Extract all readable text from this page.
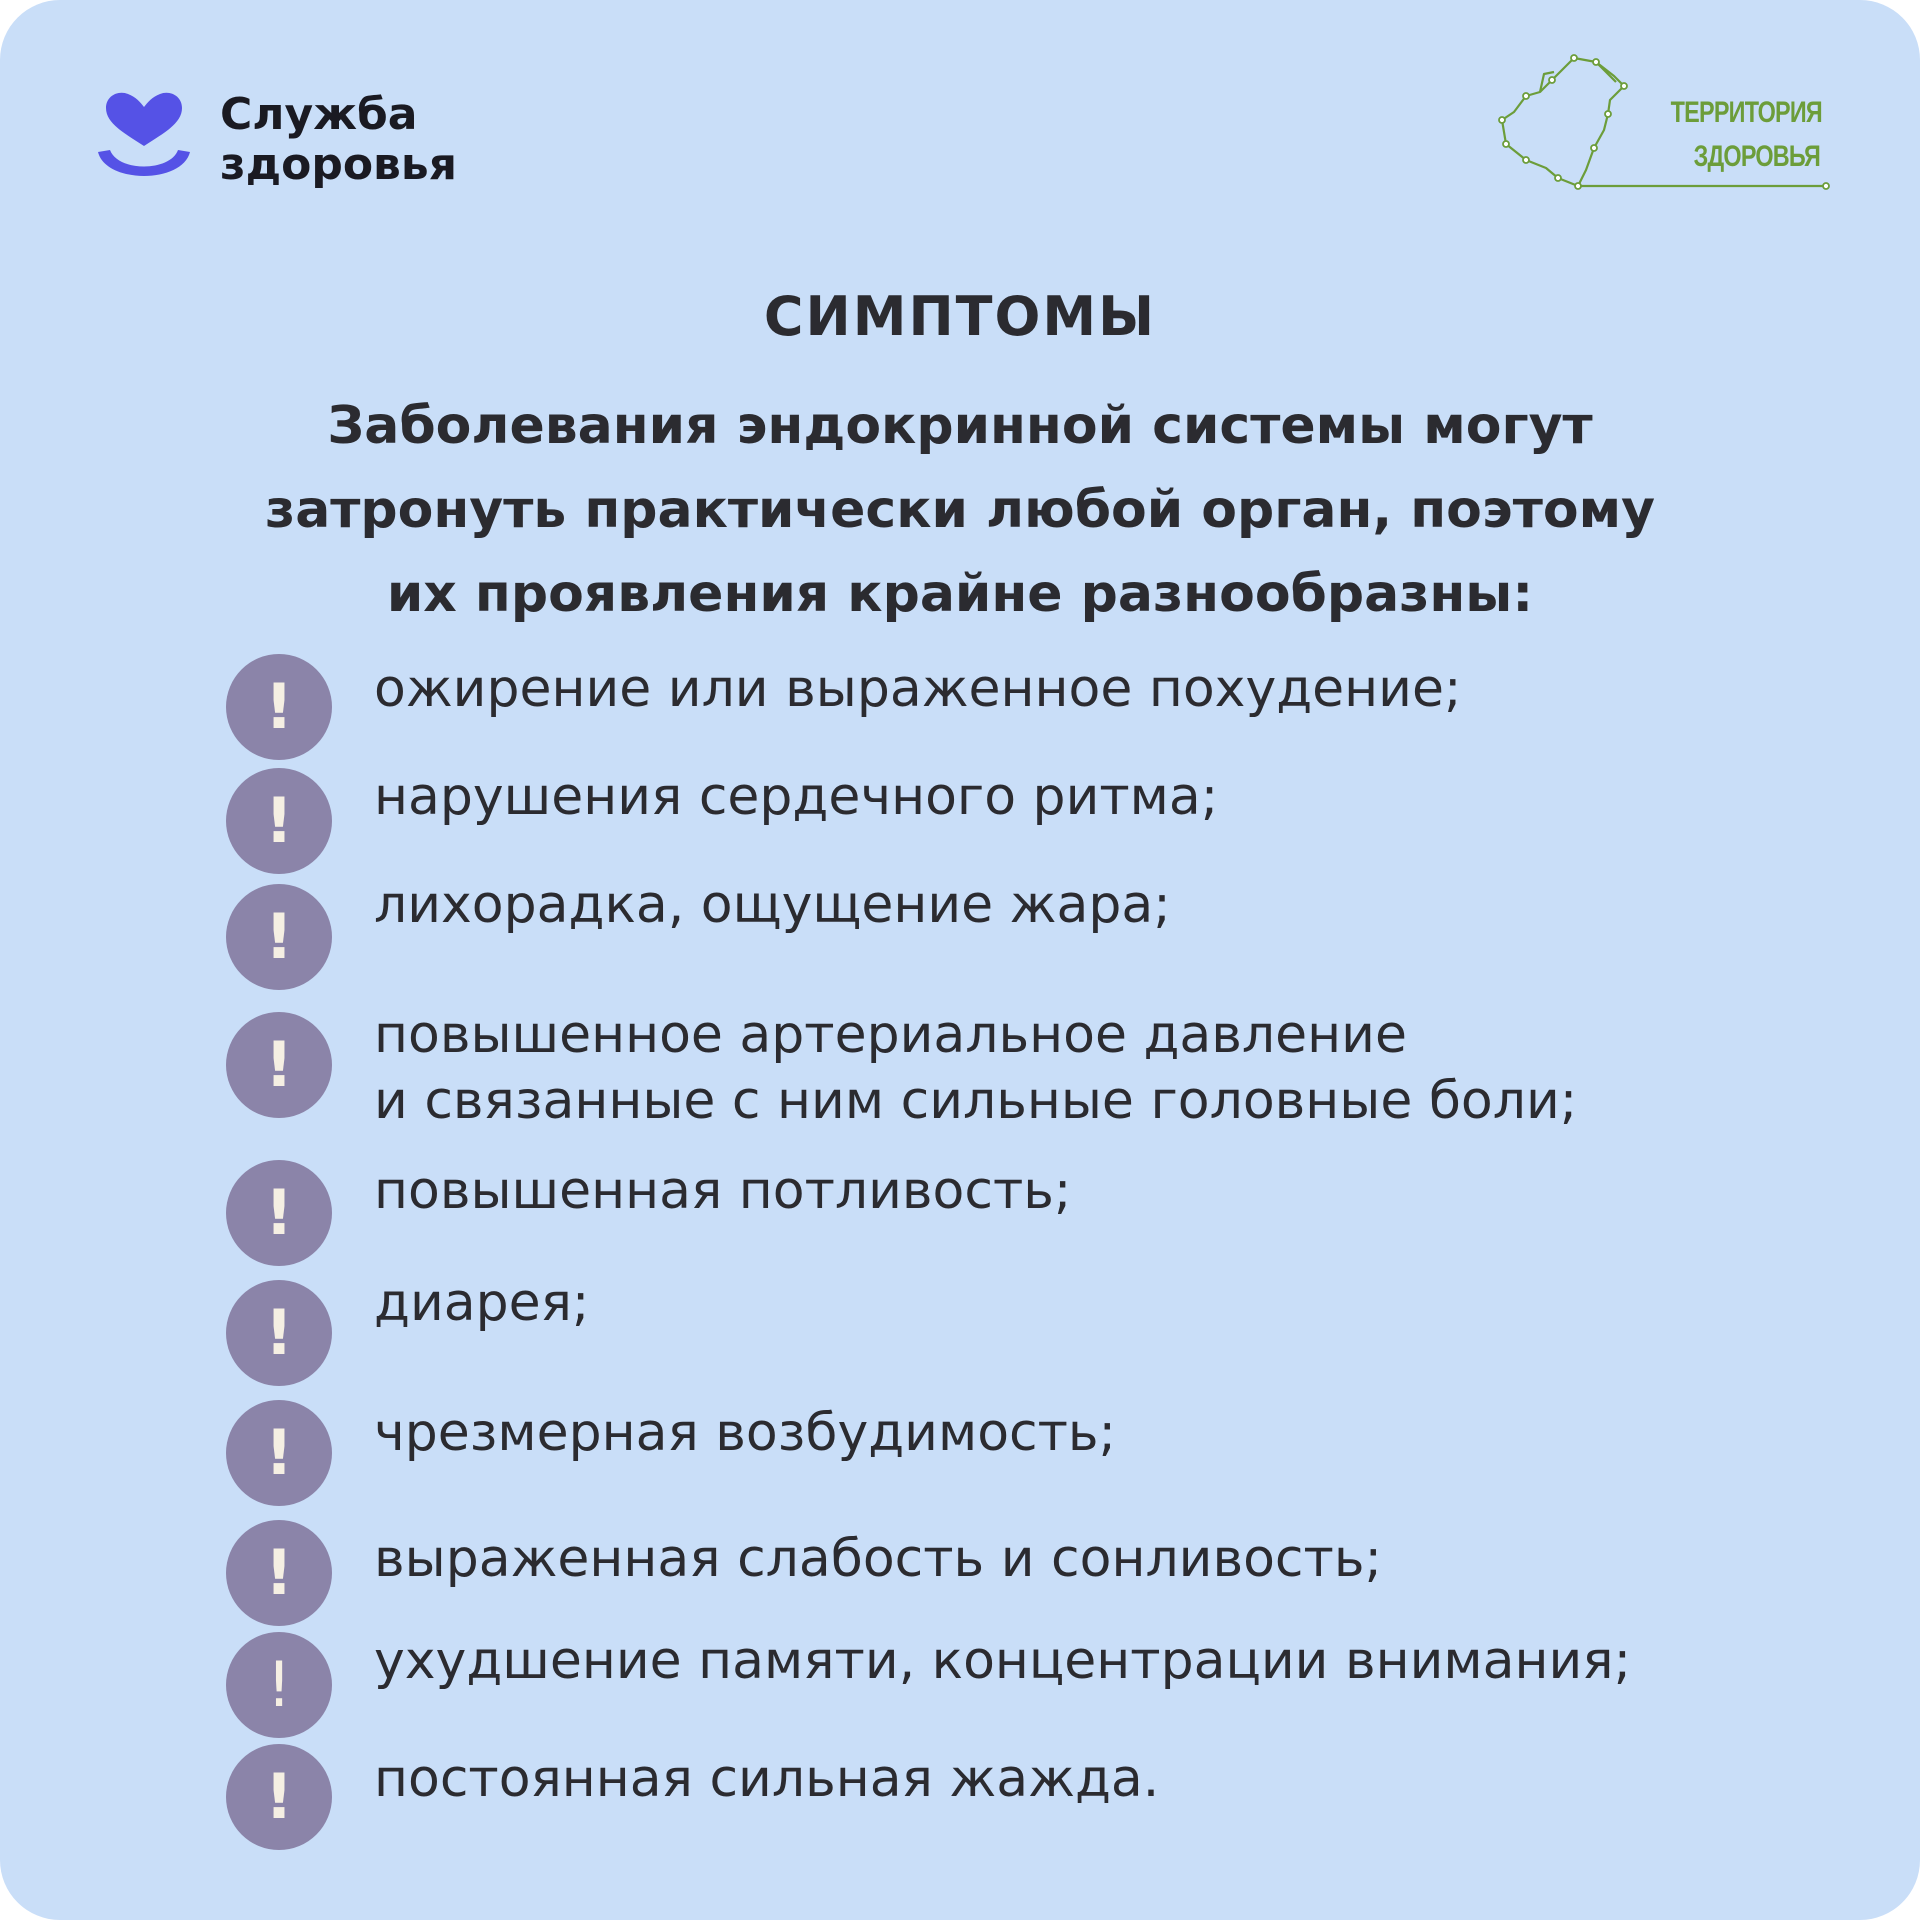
Служба
здоровья
ТЕРРИТОРИЯ
ЗДОРОВЬЯ
СИМПТОМЫ
Заболевания эндокринной системы могут
затронуть практически любой орган, поэтому
их проявления крайне разнообразны:
!	ожирение или выраженное похудение;
!	нарушения сердечного ритма;
!	лихорадка, ощущение жара;
!	повышенное артериальное давление
и связанные с ним сильные головные боли;
!	повышенная потливость;
!	диарея;
!	чрезмерная возбудимость;
!	выраженная слабость и сонливость;
!	ухудшение памяти, концентрации внимания;
!	постоянная сильная жажда.
